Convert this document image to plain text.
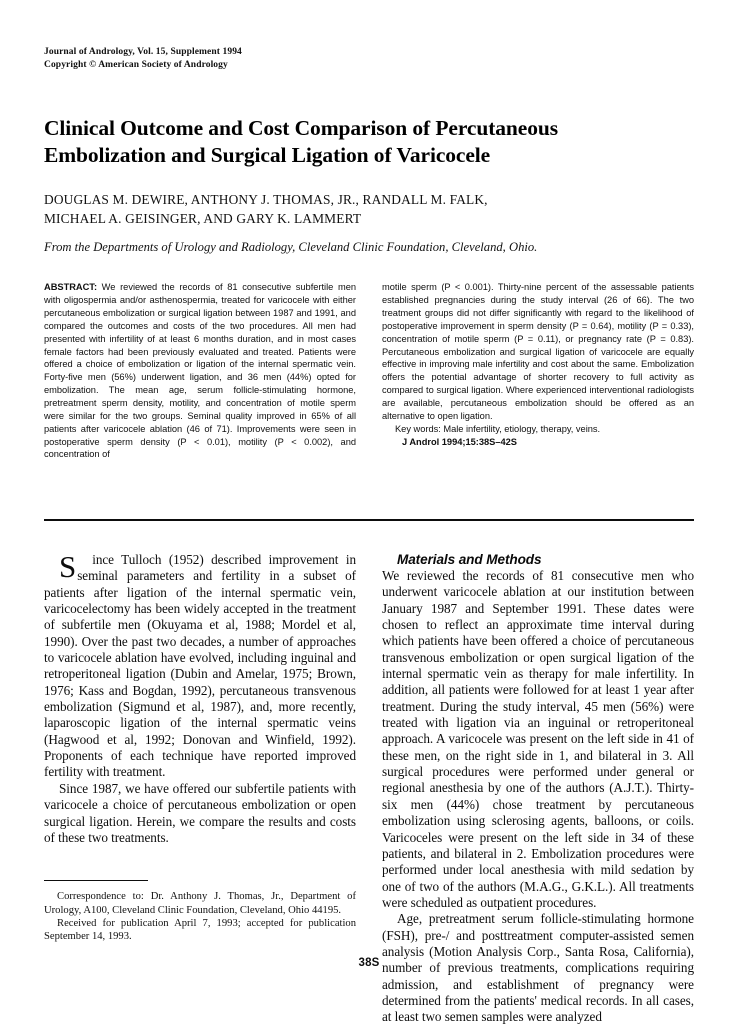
Journal of Andrology, Vol. 15, Supplement 1994
Copyright © American Society of Andrology
Clinical Outcome and Cost Comparison of Percutaneous
Embolization and Surgical Ligation of Varicocele
DOUGLAS M. DEWIRE, ANTHONY J. THOMAS, JR., RANDALL M. FALK,
MICHAEL A. GEISINGER, AND GARY K. LAMMERT
From the Departments of Urology and Radiology, Cleveland Clinic Foundation, Cleveland, Ohio.

ABSTRACT: We reviewed the records of 81 consecutive subfertile men with oligospermia and/or asthenospermia, treated for varicocele with either percutaneous embolization or surgical ligation between 1987 and 1991, and compared the outcomes and costs of the two procedures. All men had presented with infertility of at least 6 months duration, and in most cases female factors had been previously evaluated and treated. Patients were offered a choice of embolization or ligation of the internal spermatic vein. Forty-five men (56%) underwent ligation, and 36 men (44%) opted for embolization. The mean age, serum follicle-stimulating hormone, pretreatment sperm density, motility, and concentration of motile sperm were similar for the two groups. Seminal quality improved in 65% of all patients after varicocele ablation (46 of 71). Improvements were seen in postoperative sperm density (P < 0.01), motility (P < 0.002), and concentration of

motile sperm (P < 0.001). Thirty-nine percent of the assessable patients established pregnancies during the study interval (26 of 66). The two treatment groups did not differ significantly with regard to the likelihood of postoperative improvement in sperm density (P = 0.64), motility (P = 0.33), concentration of motile sperm (P = 0.11), or pregnancy rate (P = 0.83). Percutaneous embolization and surgical ligation of varicocele are equally effective in improving male infertility and cost about the same. Embolization offers the potential advantage of shorter recovery to full activity as compared to surgical ligation. Where experienced interventional radiologists are available, percutaneous embolization should be offered as an alternative to open ligation.

Key words: Male infertility, etiology, therapy, veins.

J Androl 1994;15:38S–42S

S ince Tulloch (1952) described improvement in seminal parameters and fertility in a subset of patients after ligation of the internal spermatic vein, varicocelectomy has been widely accepted in the treatment of subfertile men (Okuyama et al, 1988; Mordel et al, 1990). Over the past two decades, a number of approaches to varicocele ablation have evolved, including inguinal and retroperitoneal ligation (Dubin and Amelar, 1975; Brown, 1976; Kass and Bogdan, 1992), percutaneous transvenous embolization (Sigmund et al, 1987), and, more recently, laparoscopic ligation of the internal spermatic veins (Hagwood et al, 1992; Donovan and Winfield, 1992). Proponents of each technique have reported improved fertility with treatment.

Since 1987, we have offered our subfertile patients with varicocele a choice of percutaneous embolization or open surgical ligation. Herein, we compare the results and costs of these two treatments.

Materials and Methods

We reviewed the records of 81 consecutive men who underwent varicocele ablation at our institution between January 1987 and September 1991. These dates were chosen to reflect an approximate time interval during which patients have been offered a choice of percutaneous transvenous embolization or open surgical ligation of the internal spermatic vein as therapy for male infertility. In addition, all patients were followed for at least 1 year after treatment. During the study interval, 45 men (56%) were treated with ligation via an inguinal or retroperitoneal approach. A varicocele was present on the left side in 41 of these men, on the right side in 1, and bilateral in 3. All surgical procedures were performed under general or regional anesthesia by one of the authors (A.J.T.). Thirty-six men (44%) chose treatment by percutaneous embolization using sclerosing agents, balloons, or coils. Varicoceles were present on the left side in 34 of these patients, and bilateral in 2. Embolization procedures were performed under local anesthesia with mild sedation by one of two of the authors (M.A.G., G.K.L.). All treatments were scheduled as outpatient procedures.

Age, pretreatment serum follicle-stimulating hormone (FSH), pre-/ and posttreatment computer-assisted semen analysis (Motion Analysis Corp., Santa Rosa, California), number of previous treatments, complications requiring admission, and establishment of pregnancy were determined from the patients' medical records. In all cases, at least two semen samples were analyzed

Correspondence to: Dr. Anthony J. Thomas, Jr., Department of Urology, A100, Cleveland Clinic Foundation, Cleveland, Ohio 44195.

Received for publication April 7, 1993; accepted for publication September 14, 1993.

38S
